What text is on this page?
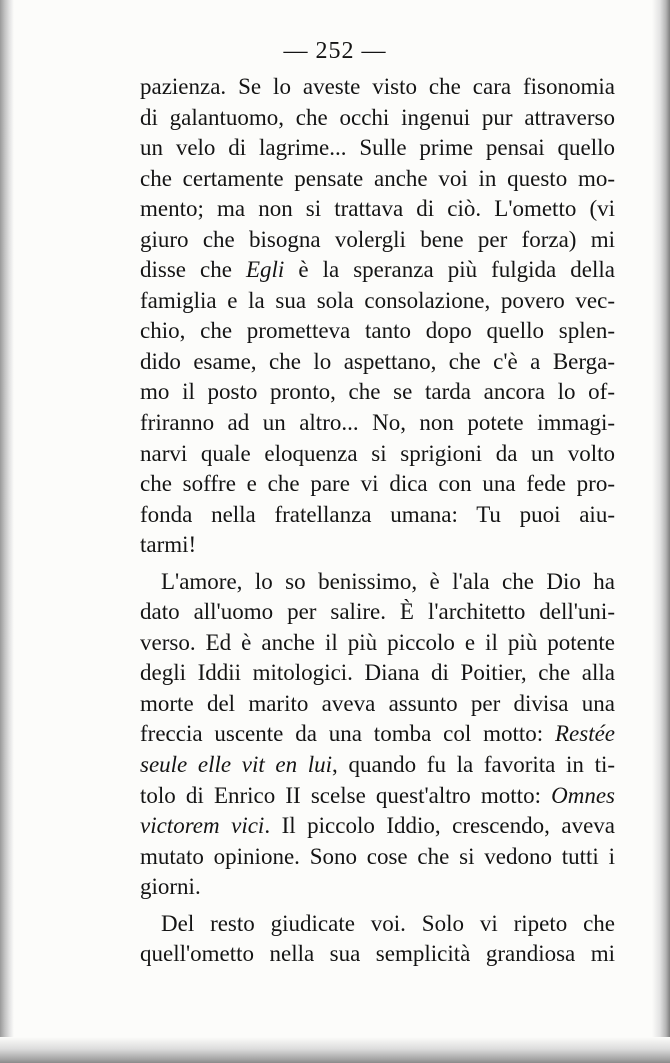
— 252 —
pazienza. Se lo aveste visto che cara fisonomia
di galantuomo, che occhi ingenui pur attraverso
un velo di lagrime... Sulle prime pensai quello
che certamente pensate anche voi in questo mo-
mento; ma non si trattava di ciò. L'ometto (vi
giuro che bisogna volergli bene per forza) mi
disse che Egli è la speranza più fulgida della
famiglia e la sua sola consolazione, povero vec-
chio, che prometteva tanto dopo quello splen-
dido esame, che lo aspettano, che c'è a Berga-
mo il posto pronto, che se tarda ancora lo of-
friranno ad un altro... No, non potete immagi-
narvi quale eloquenza si sprigioni da un volto
che soffre e che pare vi dica con una fede pro-
fonda nella fratellanza umana: Tu puoi aiu-
tarmi!
L'amore, lo so benissimo, è l'ala che Dio ha
dato all'uomo per salire. È l'architetto dell'uni-
verso. Ed è anche il più piccolo e il più potente
degli Iddii mitologici. Diana di Poitier, che alla
morte del marito aveva assunto per divisa una
freccia uscente da una tomba col motto: Restée
seule elle vit en lui, quando fu la favorita in ti-
tolo di Enrico II scelse quest'altro motto: Omnes
victorem vici. Il piccolo Iddio, crescendo, aveva
mutato opinione. Sono cose che si vedono tutti i
giorni.
Del resto giudicate voi. Solo vi ripeto che
quell'ometto nella sua semplicità grandiosa mi
